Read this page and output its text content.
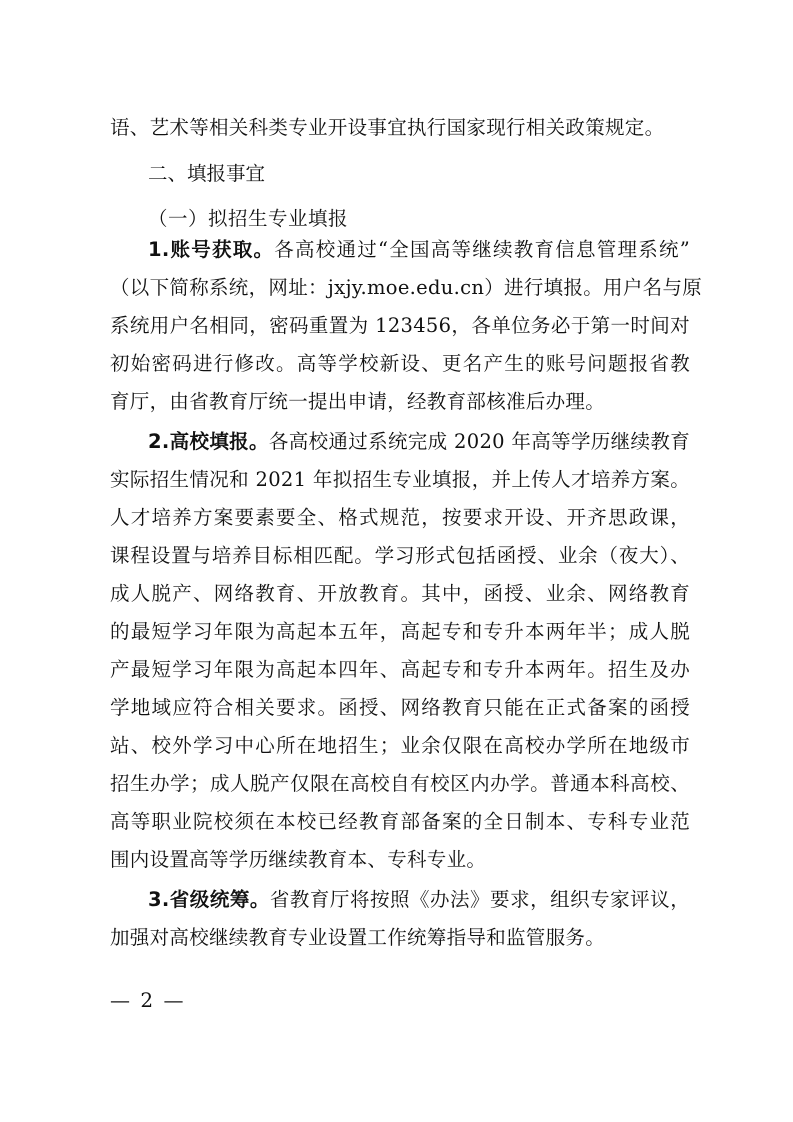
语、艺术等相关科类专业开设事宜执行国家现行相关政策规定。
二、填报事宜
（一）拟招生专业填报
1.账号获取。各高校通过“全国高等继续教育信息管理系统”
（以下简称系统，网址：jxjy.moe.edu.cn）进行填报。用户名与原
系统用户名相同，密码重置为 123456，各单位务必于第一时间对
初始密码进行修改。高等学校新设、更名产生的账号问题报省教
育厅，由省教育厅统一提出申请，经教育部核准后办理。
2.高校填报。各高校通过系统完成 2020 年高等学历继续教育
实际招生情况和 2021 年拟招生专业填报，并上传人才培养方案。
人才培养方案要素要全、格式规范，按要求开设、开齐思政课，
课程设置与培养目标相匹配。学习形式包括函授、业余（夜大）、
成人脱产、网络教育、开放教育。其中，函授、业余、网络教育
的最短学习年限为高起本五年，高起专和专升本两年半；成人脱
产最短学习年限为高起本四年、高起专和专升本两年。招生及办
学地域应符合相关要求。函授、网络教育只能在正式备案的函授
站、校外学习中心所在地招生；业余仅限在高校办学所在地级市
招生办学；成人脱产仅限在高校自有校区内办学。普通本科高校、
高等职业院校须在本校已经教育部备案的全日制本、专科专业范
围内设置高等学历继续教育本、专科专业。
3.省级统筹。省教育厅将按照《办法》要求，组织专家评议，
加强对高校继续教育专业设置工作统筹指导和监管服务。
— 2 —
